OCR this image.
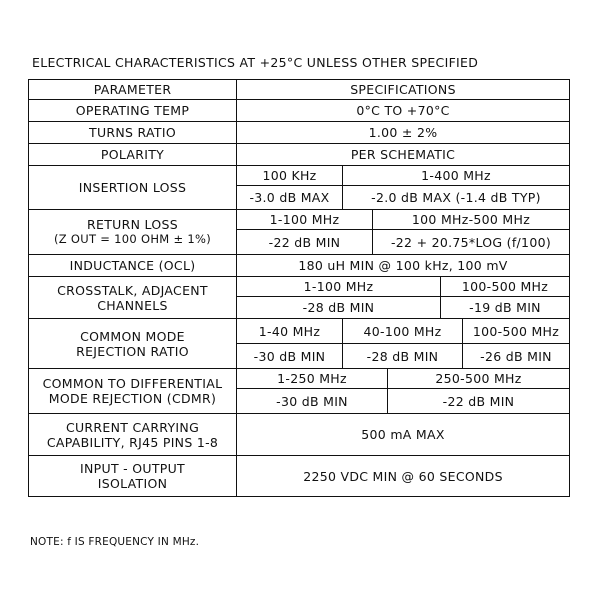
ELECTRICAL CHARACTERISTICS AT +25°C UNLESS OTHER SPECIFIED
PARAMETER	SPECIFICATIONS					
OPERATING TEMP	0°C TO +70°C					
TURNS RATIO	1.00 ± 2%					
POLARITY	PER SCHEMATIC					
INSERTION LOSS	100 KHz	1-400 MHz				
	-3.0 dB MAX	-2.0 dB MAX (-1.4 dB TYP)				

RETURN LOSS
(Z OUT = 100 OHM ± 1%)	1-100 MHz		100 MHz-500 MHz			
	-22 dB MIN		-22 + 20.75*LOG (f/100)			
INDUCTANCE (OCL)	180 uH MIN @ 100 kHz, 100 mV					

CROSSTALK, ADJACENT
CHANNELS	1-100 MHz				100-500 MHz	
	-28 dB MIN				-19 dB MIN	

COMMON MODE
REJECTION RATIO	1-40 MHz	40-100 MHz				100-500 MHz
	-30 dB MIN	-28 dB MIN				-26 dB MIN

COMMON TO DIFFERENTIAL
MODE REJECTION (CDMR)	1-250 MHz			250-500 MHz		
	-30 dB MIN			-22 dB MIN		

CURRENT CARRYING
CAPABILITY, RJ45 PINS 1-8	500 mA MAX					

INPUT - OUTPUT
ISOLATION	2250 VDC MIN @ 60 SECONDS					
NOTE: f IS FREQUENCY IN MHz.
